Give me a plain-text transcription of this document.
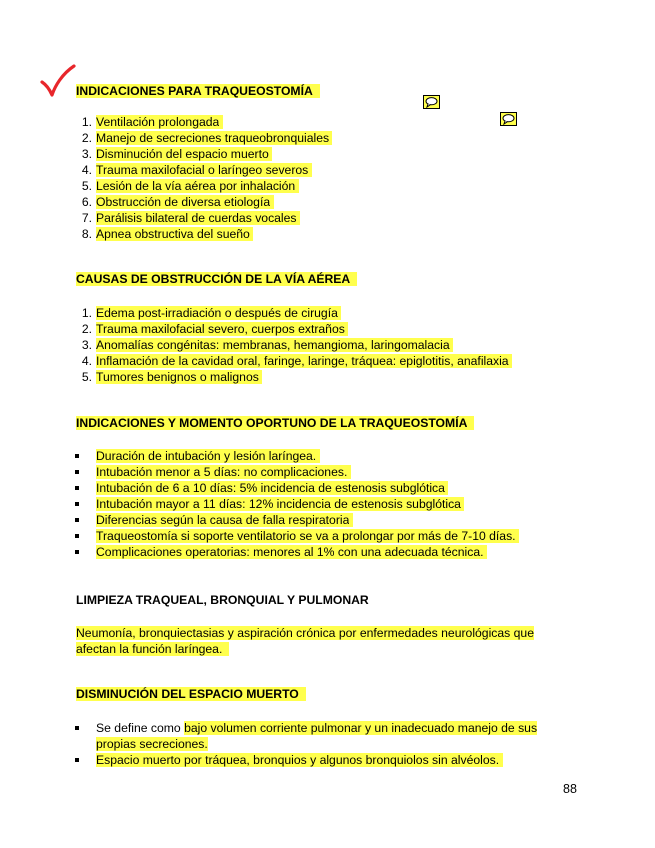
INDICACIONES PARA TRAQUEOSTOMÍA
1. Ventilación prolongada
2. Manejo de secreciones traqueobronquiales
3. Disminución del espacio muerto
4. Trauma maxilofacial o laríngeo severos
5. Lesión de la vía aérea por inhalación
6. Obstrucción de diversa etiología
7. Parálisis bilateral de cuerdas vocales
8. Apnea obstructiva del sueño
CAUSAS DE OBSTRUCCIÓN DE LA VÍA AÉREA
1. Edema post-irradiación o después de cirugía
2. Trauma maxilofacial severo, cuerpos extraños
3. Anomalías congénitas: membranas, hemangioma, laringomalacia
4. Inflamación de la cavidad oral, faringe, laringe, tráquea: epiglotitis, anafilaxia
5. Tumores benignos o malignos
INDICACIONES Y MOMENTO OPORTUNO DE LA TRAQUEOSTOMÍA
Duración de intubación y lesión laríngea.
Intubación menor a 5 días: no complicaciones.
Intubación de 6 a 10 días: 5% incidencia de estenosis subglótica
Intubación mayor a 11 días: 12% incidencia de estenosis subglótica
Diferencias según la causa de falla respiratoria
Traqueostomía si soporte ventilatorio se va a prolongar por más de 7-10 días.
Complicaciones operatorias: menores al 1% con una adecuada técnica.
LIMPIEZA TRAQUEAL, BRONQUIAL Y PULMONAR

Neumonía, bronquiectasias y aspiración crónica por enfermedades neurológicas que
afectan la función laríngea.

DISMINUCIÓN DEL ESPACIO MUERTO
Se define como bajo volumen corriente pulmonar y un inadecuado manejo de sus
propias secreciones.
Espacio muerto por tráquea, bronquios y algunos bronquiolos sin alvéolos.
88
